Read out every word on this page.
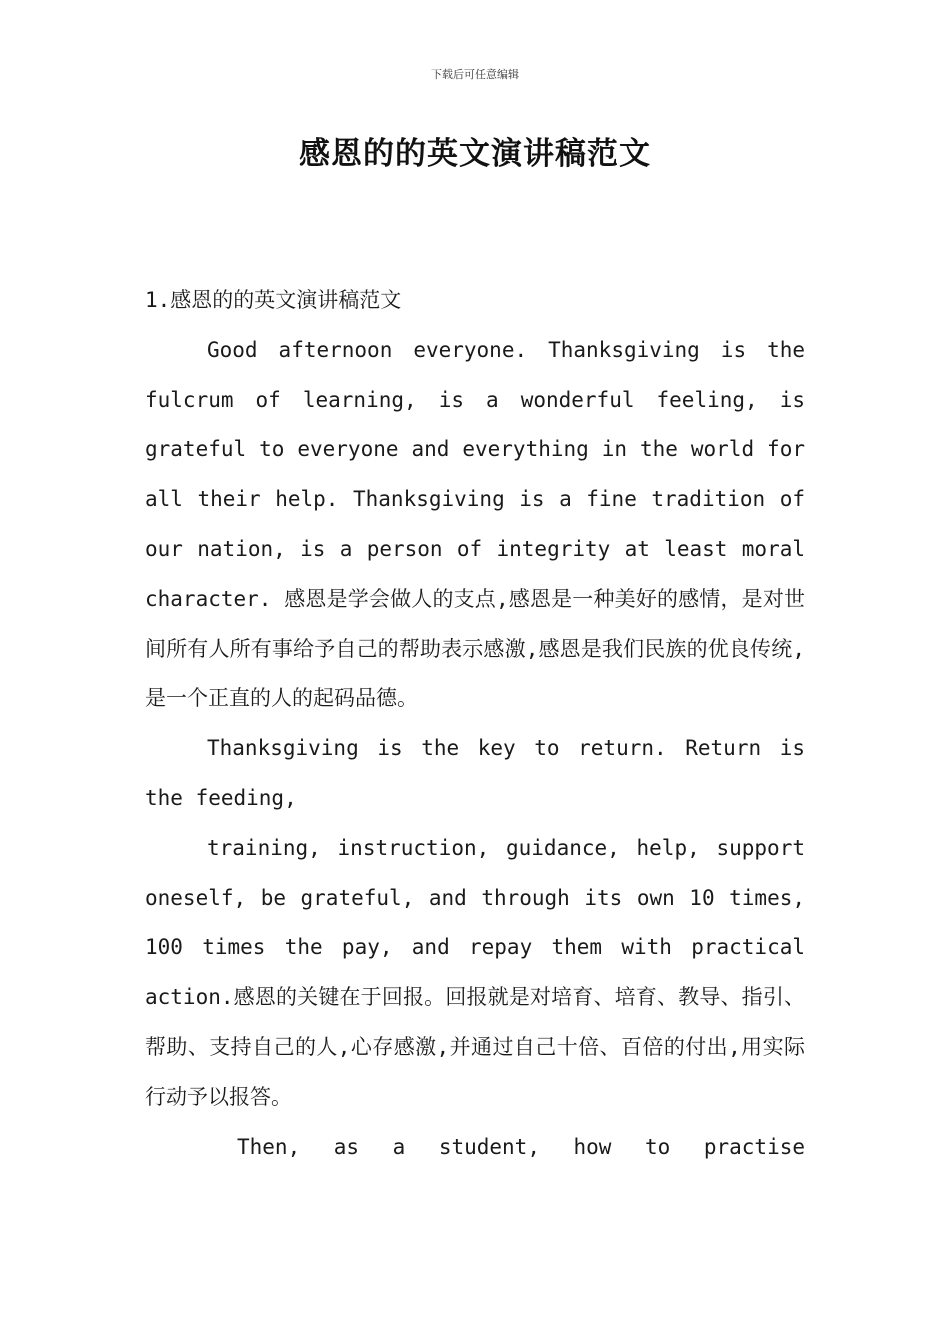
下载后可任意编辑
感恩的的英文演讲稿范文

1.感恩的的英文演讲稿范文

Good afternoon everyone. Thanksgiving is the fulcrum of learning, is a wonderful feeling, is grateful to everyone and everything in the world for all their help. Thanksgiving is a fine tradition of our nation, is a person of integrity at least moral character. 感恩是学会做人的支点,感恩是一种美好的感情，是对世间所有人所有事给予自己的帮助表示感激,感恩是我们民族的优良传统,是一个正直的人的起码品德。

Thanksgiving is the key to return. Return is the feeding,

training, instruction, guidance, help, support oneself, be grateful, and through its own 10 times, 100 times the pay, and repay them with practical action.感恩的关键在于回报。回报就是对培育、培育、教导、指引、帮助、支持自己的人,心存感激,并通过自己十倍、百倍的付出,用实际行动予以报答。

Then, as a student, how to practise
